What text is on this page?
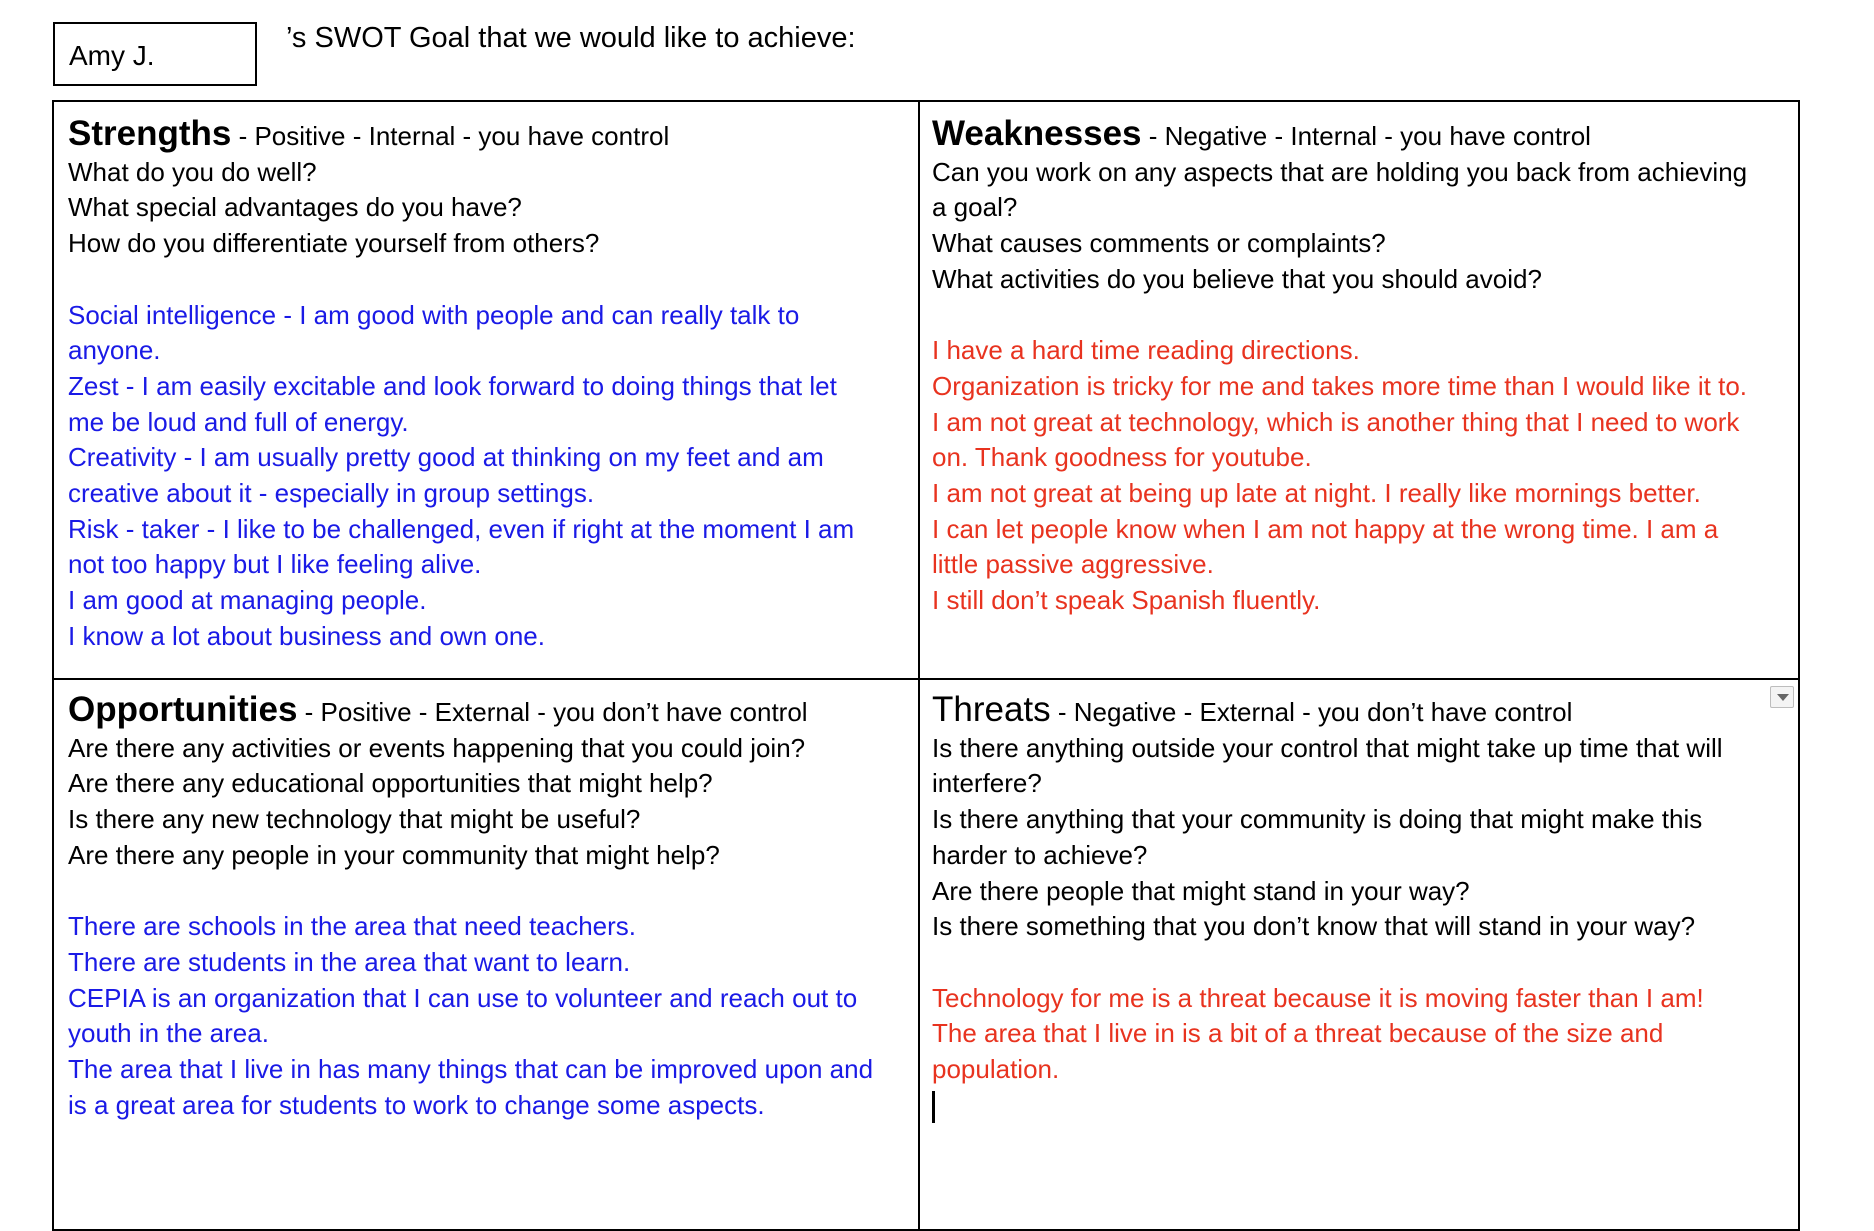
Amy J.
’s SWOT Goal that we would like to achieve:
Strengths - Positive - Internal - you have control
What do you do well?
What special advantages do you have?
How do you differentiate yourself from others?
Social intelligence - I am good with people and can really talk to
anyone.
Zest - I am easily excitable and look forward to doing things that let
me be loud and full of energy.
Creativity - I am usually pretty good at thinking on my feet and am
creative about it - especially in group settings.
Risk - taker - I like to be challenged, even if right at the moment I am
not too happy but I like feeling alive.
I am good at managing people.
I know a lot about business and own one.
Weaknesses - Negative - Internal - you have control
Can you work on any aspects that are holding you back from achieving
a goal?
What causes comments or complaints?
What activities do you believe that you should avoid?
I have a hard time reading directions.
Organization is tricky for me and takes more time than I would like it to.
I am not great at technology, which is another thing that I need to work
on. Thank goodness for youtube.
I am not great at being up late at night. I really like mornings better.
I can let people know when I am not happy at the wrong time. I am a
little passive aggressive.
I still don’t speak Spanish fluently.
Opportunities - Positive - External - you don’t have control
Are there any activities or events happening that you could join?
Are there any educational opportunities that might help?
Is there any new technology that might be useful?
Are there any people in your community that might help?
There are schools in the area that need teachers.
There are students in the area that want to learn.
CEPIA is an organization that I can use to volunteer and reach out to
youth in the area.
The area that I live in has many things that can be improved upon and
is a great area for students to work to change some aspects.
Threats - Negative - External - you don’t have control
Is there anything outside your control that might take up time that will
interfere?
Is there anything that your community is doing that might make this
harder to achieve?
Are there people that might stand in your way?
Is there something that you don’t know that will stand in your way?
Technology for me is a threat because it is moving faster than I am!
The area that I live in is a bit of a threat because of the size and
population.
